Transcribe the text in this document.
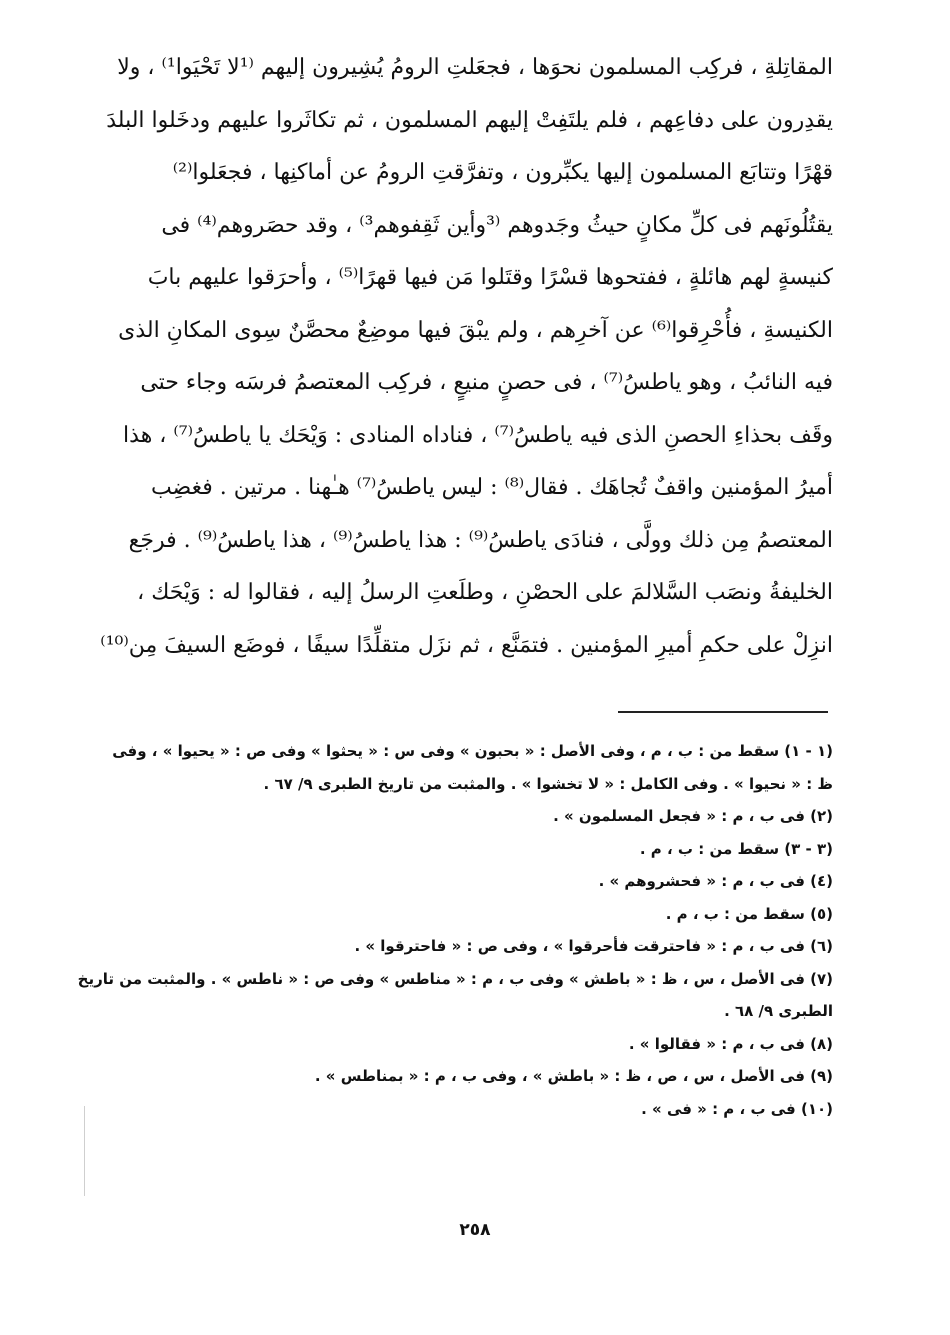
المقاتِلةِ ، فركِب المسلمون نحوَها ، فجعَلتِ الرومُ يُشِيرون إليهم ⁽¹لا تَحْيَوا¹⁾ ، ولا
يقدِرون على دفاعِهم ، فلم يلتَفِتْ إليهم المسلمون ، ثم تكاثَروا عليهم ودخَلوا البلدَ
قهْرًا وتتابَع المسلمون إليها يكبِّرون ، وتفرَّقتِ الرومُ عن أماكنِها ، فجعَلوا⁽²⁾
يقتُلُونَهم فى كلِّ مكانٍ حيثُ وجَدوهم ⁽³وأين ثَقِفوهم³⁾ ، وقد حصَروهم⁽⁴⁾ فى
كنيسةٍ لهم هائلةٍ ، ففتحوها قسْرًا وقتَلوا مَن فيها قهرًا⁽⁵⁾ ، وأحرَقوا عليهم بابَ
الكنيسةِ ، فأُحْرِقوا⁽⁶⁾ عن آخرِهم ، ولم يبْقَ فيها موضِعٌ محصَّنٌ سِوى المكانِ الذى
فيه النائبُ ، وهو ياطسُ⁽⁷⁾ ، فى حصنٍ منيعٍ ، فركِب المعتصمُ فرسَه وجاء حتى
وقَف بحذاءِ الحصنِ الذى فيه ياطسُ⁽⁷⁾ ، فناداه المنادى : وَيْحَك يا ياطسُ⁽⁷⁾ ، هذا
أميرُ المؤمنين واقفٌ تُجاهَك . فقال⁽⁸⁾ : ليس ياطسُ⁽⁷⁾ هـٰهنا . مرتين . فغضِب
المعتصمُ مِن ذلك وولَّى ، فنادَى ياطسُ⁽⁹⁾ : هذا ياطسُ⁽⁹⁾ ، هذا ياطسُ⁽⁹⁾ . فرجَع
الخليفةُ ونصَب السَّلالمَ على الحصْنِ ، وطلَعتِ الرسلُ إليه ، فقالوا له : وَيْحَك ،
انزِلْ على حكمِ أميرِ المؤمنين . فتمَنَّع ، ثم نزَل متقلِّدًا سيفًا ، فوضَع السيفَ مِن⁽¹⁰⁾
(١ - ١) سقط من : ب ، م ، وفى الأصل : « بحبون » وفى س : « يحثوا » وفى ص : « يحيوا » ، وفى
ظ : « نحيوا » . وفى الكامل : « لا تخشوا » . والمثبت من تاريخ الطبرى ٩/ ٦٧ .
(٢) فى ب ، م : « فجعل المسلمون » .
(٣ - ٣) سقط من : ب ، م .
(٤) فى ب ، م : « فحشروهم » .
(٥) سقط من : ب ، م .
(٦) فى ب ، م : « فاحترقت فأحرقوا » ، وفى ص : « فاحترقوا » .
(٧) فى الأصل ، س ، ظ : « باطش » وفى ب ، م : « مناطس » وفى ص : « ناطس » . والمثبت من تاريخ
الطبرى ٩/ ٦٨ .
(٨) فى ب ، م : « فقالوا » .
(٩) فى الأصل ، س ، ص ، ظ : « باطش » ، وفى ب ، م : « بمناطس » .
(١٠) فى ب ، م : « فى » .
٢٥٨
